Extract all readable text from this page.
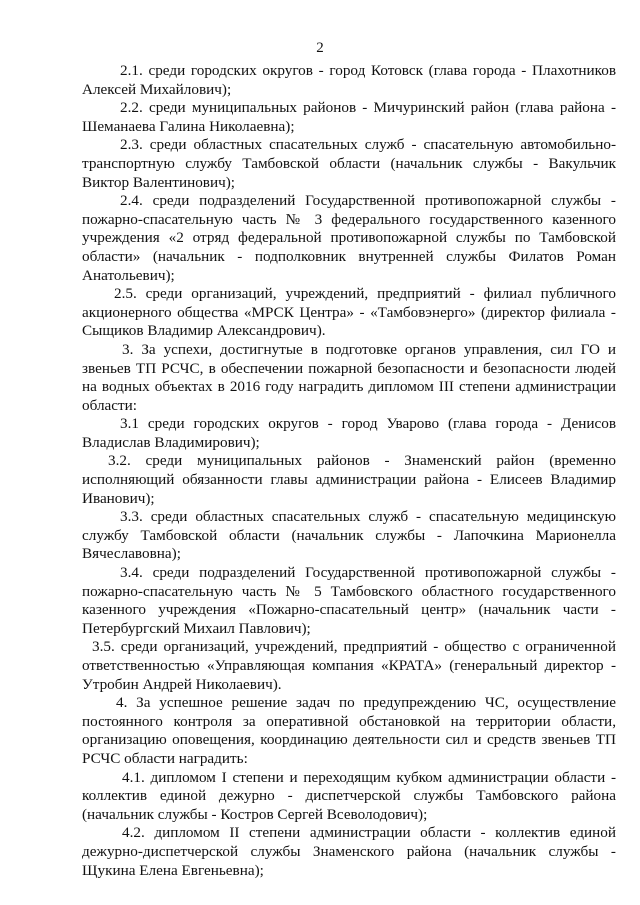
2

2.1. среди городских округов - город Котовск (глава города - Плахотников Алексей Михайлович);

2.2. среди муниципальных районов - Мичуринский район (глава района - Шеманаева Галина Николаевна);

2.3. среди областных спасательных служб - спасательную автомобильно-транспортную службу Тамбовской области (начальник службы - Вакульчик Виктор Валентинович);

2.4. среди подразделений Государственной противопожарной службы - пожарно-спасательную часть № 3 федерального государственного казенного учреждения «2 отряд федеральной противопожарной службы по Тамбовской области» (начальник - подполковник внутренней службы Филатов Роман Анатольевич);

2.5. среди организаций, учреждений, предприятий - филиал публичного акционерного общества «МРСК Центра» - «Тамбовэнерго» (директор филиала - Сыщиков Владимир Александрович).

3. За успехи, достигнутые в подготовке органов управления, сил ГО и звеньев ТП РСЧС, в обеспечении пожарной безопасности и безопасности людей на водных объектах в 2016 году наградить дипломом III степени администрации области:

3.1 среди городских округов - город Уварово (глава города - Денисов Владислав Владимирович);

3.2. среди муниципальных районов - Знаменский район (временно исполняющий обязанности главы администрации района - Елисеев Владимир Иванович);

3.3. среди областных спасательных служб - спасательную медицинскую службу Тамбовской области (начальник службы - Лапочкина Марионелла Вячеславовна);

3.4. среди подразделений Государственной противопожарной службы - пожарно-спасательную часть № 5 Тамбовского областного государственного казенного учреждения «Пожарно-спасательный центр» (начальник части - Петербургский Михаил Павлович);

3.5. среди организаций, учреждений, предприятий - общество с ограниченной ответственностью «Управляющая компания «КРАТА» (генеральный директор - Утробин Андрей Николаевич).

4. За успешное решение задач по предупреждению ЧС, осуществление постоянного контроля за оперативной обстановкой на территории области, организацию оповещения, координацию деятельности сил и средств звеньев ТП РСЧС области наградить:

4.1. дипломом I степени и переходящим кубком администрации области - коллектив единой дежурно - диспетчерской службы Тамбовского района (начальник службы - Костров Сергей Всеволодович);

4.2. дипломом II степени администрации области - коллектив единой дежурно-диспетчерской службы Знаменского района (начальник службы - Щукина Елена Евгеньевна);
